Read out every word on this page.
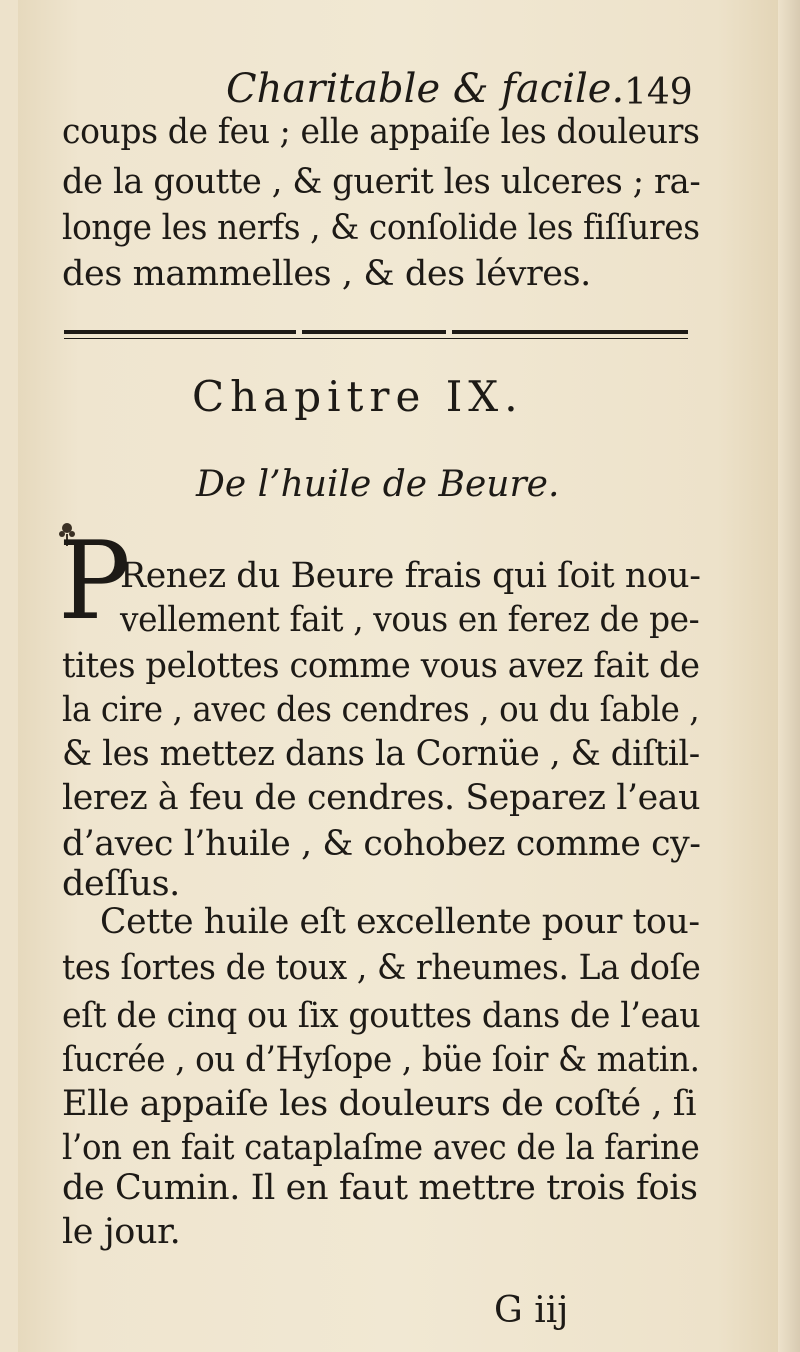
Charitable & facile. 149
coups de feu ; elle appaiſe les douleurs
de la goutte , & guerit les ulceres ; ra-
longe les nerfs , & conſolide les fiſſures
des mammelles , & des lévres.
Chapitre IX.
De l’huile de Beure.
P
Renez du Beure frais qui ſoit nou-
vellement fait , vous en ferez de pe-
tites pelottes comme vous avez fait de
la cire , avec des cendres , ou du ſable ,
& les mettez dans la Cornüe , & diſtil-
lerez à feu de cendres. Separez l’eau
d’avec l’huile , & cohobez comme cy-
deſſus.
Cette huile eſt excellente pour tou-
tes ſortes de toux , & rheumes. La doſe
eſt de cinq ou ſix gouttes dans de l’eau
ſucrée , ou d’Hyſope , büe ſoir & matin.
Elle appaiſe les douleurs de coſté , ſi
l’on en fait cataplaſme avec de la farine
de Cumin. Il en faut mettre trois fois
le jour.
G iij
